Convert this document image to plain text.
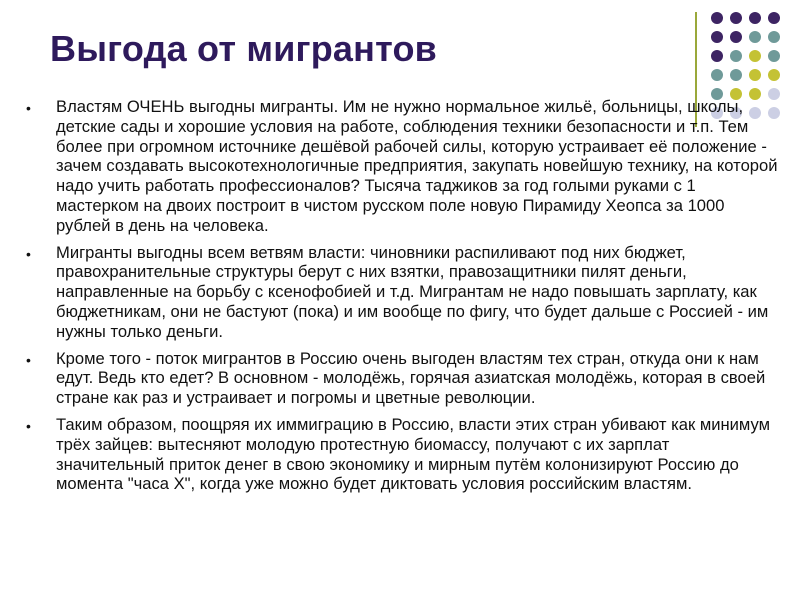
Выгода от мигрантов
• Властям ОЧЕНЬ выгодны мигранты. Им не нужно нормальное жильё, больницы, школы, детские сады и хорошие условия на работе, соблюдения техники безопасности и т.п. Тем более при огромном источнике дешёвой рабочей силы, которую устраивает её положение - зачем создавать высокотехнологичные предприятия, закупать новейшую технику, на которой надо учить работать профессионалов? Тысяча таджиков за год голыми руками с 1 мастерком на двоих построит в чистом русском поле новую Пирамиду Хеопса за 1000 рублей в день на человека.
• Мигранты выгодны всем ветвям власти: чиновники распиливают под них бюджет, правохранительные структуры берут с них взятки, правозащитники пилят деньги, направленные на борьбу с ксенофобией и т.д. Мигрантам не надо повышать зарплату, как бюджетникам, они не бастуют (пока) и им вообще по фигу, что будет дальше с Россией - им нужны только деньги.
• Кроме того - поток мигрантов в Россию очень выгоден властям тех стран, откуда они к нам едут. Ведь кто едет? В основном - молодёжь, горячая азиатская молодёжь, которая в своей стране как раз и устраивает и погромы и цветные революции.
• Таким образом, поощряя их иммиграцию в Россию, власти этих стран убивают как минимум трёх зайцев: вытесняют молодую протестную биомассу, получают с их зарплат значительный приток денег в свою экономику и мирным путём колонизируют Россию до момента "часа Х", когда уже можно будет диктовать условия российским властям.
